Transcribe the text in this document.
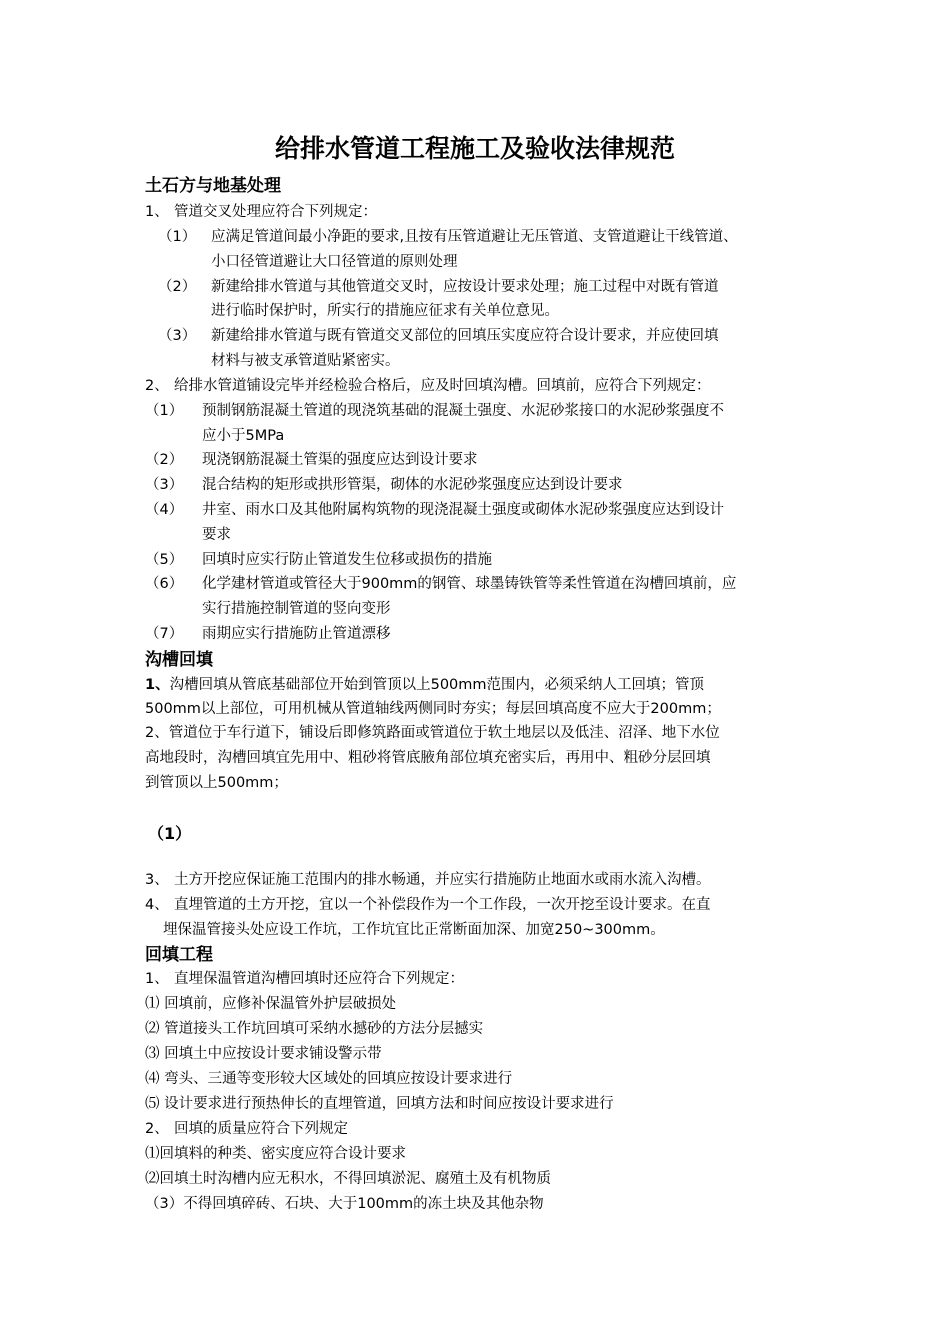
给排水管道工程施工及验收法律规范
土石方与地基处理
1、 管道交叉处理应符合下列规定：
（1） 应满足管道间最小净距的要求,且按有压管道避让无压管道、支管道避让干线管道、
小口径管道避让大口径管道的原则处理
（2） 新建给排水管道与其他管道交叉时，应按设计要求处理；施工过程中对既有管道
进行临时保护时，所实行的措施应征求有关单位意见。
（3） 新建给排水管道与既有管道交叉部位的回填压实度应符合设计要求，并应使回填
材料与被支承管道贴紧密实。
2、 给排水管道铺设完毕并经检验合格后，应及时回填沟槽。回填前，应符合下列规定：
（1） 预制钢筋混凝土管道的现浇筑基础的混凝土强度、水泥砂浆接口的水泥砂浆强度不
应小于5MPa
（2） 现浇钢筋混凝土管渠的强度应达到设计要求
（3） 混合结构的矩形或拱形管渠，砌体的水泥砂浆强度应达到设计要求
（4） 井室、雨水口及其他附属构筑物的现浇混凝土强度或砌体水泥砂浆强度应达到设计
要求
（5） 回填时应实行防止管道发生位移或损伤的措施
（6） 化学建材管道或管径大于900mm的钢管、球墨铸铁管等柔性管道在沟槽回填前，应
实行措施控制管道的竖向变形
（7） 雨期应实行措施防止管道漂移
沟槽回填
1、沟槽回填从管底基础部位开始到管顶以上500mm范围内，必须采纳人工回填；管顶
500mm以上部位，可用机械从管道轴线两侧同时夯实；每层回填高度不应大于200mm；
2、管道位于车行道下，铺设后即修筑路面或管道位于软土地层以及低洼、沼泽、地下水位
高地段时，沟槽回填宜先用中、粗砂将管底腋角部位填充密实后，再用中、粗砂分层回填
到管顶以上500mm；
（1）
3、 土方开挖应保证施工范围内的排水畅通，并应实行措施防止地面水或雨水流入沟槽。
4、 直埋管道的土方开挖，宜以一个补偿段作为一个工作段，一次开挖至设计要求。在直
埋保温管接头处应设工作坑，工作坑宜比正常断面加深、加宽250~300mm。
回填工程
1、 直埋保温管道沟槽回填时还应符合下列规定：
⑴ 回填前，应修补保温管外护层破损处
⑵ 管道接头工作坑回填可采纳水撼砂的方法分层撼实
⑶ 回填土中应按设计要求铺设警示带
⑷ 弯头、三通等变形较大区域处的回填应按设计要求进行
⑸ 设计要求进行预热伸长的直埋管道，回填方法和时间应按设计要求进行
2、 回填的质量应符合下列规定
⑴回填料的种类、密实度应符合设计要求
⑵回填土时沟槽内应无积水，不得回填淤泥、腐殖土及有机物质
（3）不得回填碎砖、石块、大于100mm的冻土块及其他杂物
